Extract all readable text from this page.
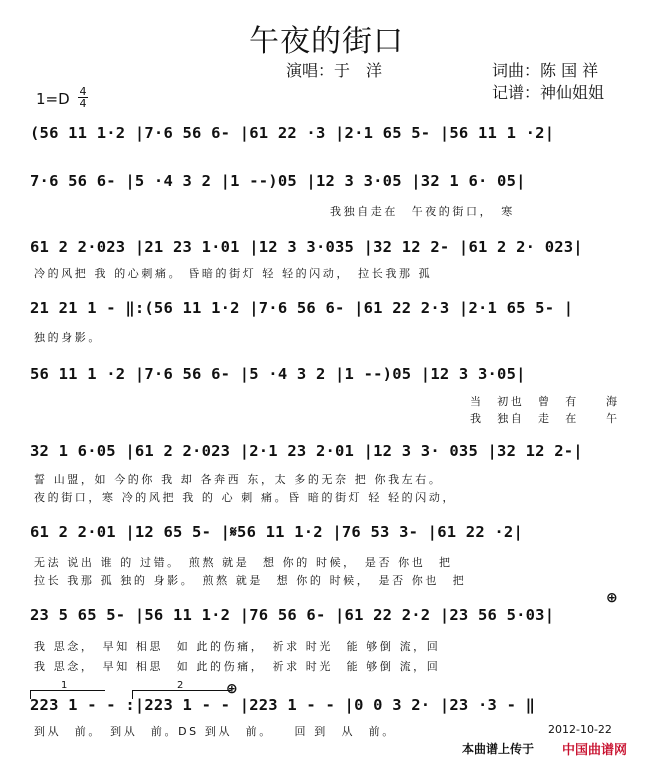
午夜的街口
演唱：于　洋	词曲：陈 国 祥
记谱：神仙姐姐
$1=D \frac{4}{4}$
(56 11 1·2 |7·6 56 6- |61 22 ·3 |2·1 65 5- |56 11 1 ·2|
7·6 56 6- |5 ·4 3 2 |1 --)05 |12 3 3·05 |32 1 6· 05|
我独自走在　午夜的街口，　寒
61 2 2·023 |21 23 1·01 |12 3 3·035 |32 12 2- |61 2 2· 023|
冷的风把 我 的心刺痛。 昏暗的街灯 轻 轻的闪动，　拉长我那 孤
21 21 1 - ‖:(56 11 1·2 |7·6 56 6- |61 22 2·3 |2·1 65 5- |
独的身影。
56 11 1 ·2 |7·6 56 6- |5 ·4 3 2 |1 --)05 |12 3 3·05|
当　初也　曾　有　　海
我　独自　走　在　　午
32 1 6·05 |61 2 2·023 |2·1 23 2·01 |12 3 3· 035 |32 12 2-|
誓 山盟，如 今的你 我 却 各奔西 东，太 多的无奈 把 你我左右。
夜的街口，寒 冷的风把 我 的 心 刺 痛。昏 暗的街灯 轻 轻的闪动，
61 2 2·01 |12 65 5- |𝄋56 11 1·2 |76 53 3- |61 22 ·2|
无法 说出 谁 的 过错。　煎熬 就是　想 你的 时候，　是否 你也　把
拉长 我那 孤 独的 身影。　煎熬 就是　想 你的 时候，　是否 你也　把
⊕
23 5 65 5- |56 11 1·2 |76 56 6- |61 22 2·2 |23 56 5·03|
我 思念，　早知 相思　如 此的伤痛，　祈求 时光　能 够倒 流，回
我 思念，　早知 相思　如 此的伤痛，　祈求 时光　能 够倒 流，回
1	2	⊕
223 1 - - :|223 1 - - |223 1 - - |0 0 3 2· |23 ·3 - ‖
到从　前。　到从　前。DS 到从　前。　　回 到　从　前。	2012-10-22
本曲谱上传于 中国曲谱网
